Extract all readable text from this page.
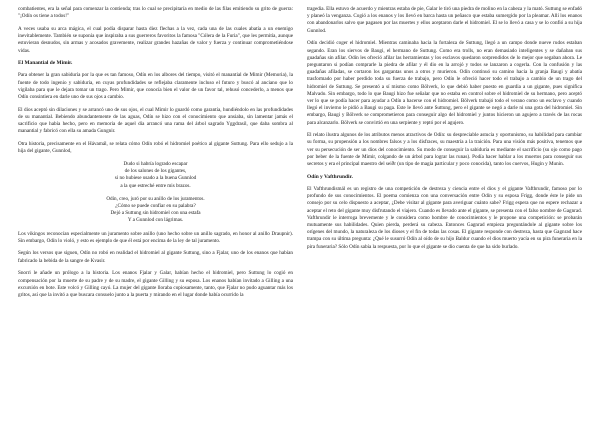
combatientes, era la señal para comenzar la contienda; tras lo cual se precipitaría en medio de las filas emitiendo su grito de guerra: "¡Odín os tiene a todos!"

A veces usaba su arca mágica, el cual podía disparar hasta diez flechas a la vez, cada una de las cuales abatía a un enemigo inevitablemente. También se suponía que inspiraba a sus guerreros favoritos la famosa "Cólera de la Furia", que les permitía, aunque estuvieran desnudos, sin armas y acosados gravemente, realizar grandes hazañas de valor y fuerza y continuar comprometiéndose vidas.

El Manantial de Mimir.

Para obtener la gran sabiduría por la que es tan famoso, Odín en los albores del tiempo, visitó el manantial de Mimir (Memoria), la fuente de todo ingenio y sabiduría, en cuyas profundidades se reflejaba claramente incluso el futuro y buscó al anciano que lo vigilaba para que le dejara tomar un trago. Pero Mimir, que conocía bien el valor de un favor tal, rehusó concederlo, a menos que Odín consintiera en darle uno de sus ojos a cambio.

El dios aceptó sin dilaciones y se arrancó uno de sus ojos, el cual Mimir lo guardó como garantía, hundiéndolo en las profundidades de su manantial. Bebiendo abundantemente de las aguas, Odín se hizo con el conocimiento que ansiaba, sin lamentar jamás el sacrificio que había hecho, pero en memoria de aquel día arrancó una rama del árbol sagrado Yggdrasil, que daba sombra al manantial y fabricó con ella su amada Gungnir.

Otra historia, precisamente en el Hávamál, se relata cómo Odín robó el hidromiel poético al gigante Suttung. Para ello sedujo a la hija del gigante, Gunnlod,

Dudo si habría logrado escapar
de los salones de los gigantes,
si no hubiese usado a la buena Gunnlod
a la que estreché entre mis brazos.
Odín, creo, juró por su anillo de los juramentos.
¿Cómo se puede confiar en su palabra?
Dejó a Suttung sin hidromiel con una estafa
Y a Gunnlod con lágrimas.

Los vikingos reconocían especialmente un juramento sobre anillo (uno hecho sobre un anillo sagrado, en honor al anillo Draupnir). Sin embargo, Odín lo violó, y esto es ejemplo de que él está por encima de la ley de tal juramento.

Según los versos que siguen, Odín no robó en realidad el hidromiel al gigante Suttung, sino a Fjalar, uno de los enanos que habían fabricado la bebida de la sangre de Kvasir.

Snorri le añade un prólogo a la historia. Los enanos Fjalar y Galar, habían hecho el hidromiel, pero Suttung lo cogió en compensación por la muerte de su padre y de su madre, el gigante Gilling y su esposa. Los enanos habían invitado a Gilling a una excursión en bote. Este volcó y Gilling cayó. La mujer del gigante lloraba copiosamente, tanto, que Fjalar no pudo aguantar más los gritos, así que la invitó a que buscara consuelo junto a la puerta y mirando en el lugar donde había ocurrido la

tragedia. Ella estuvo de acuerdo y mientras estaba de pie, Galar le tiró una piedra de molino en la cabeza y la mató. Suttung se enfadó y planeó la venganza. Cogió a los enanos y los llevó en barca hasta un peñasco que estaba sumergido por la pleamar. Allí los enanos con abandonarlos salvo que pagasen por las muertes y ellos aceptaron darle el hidromiel. El se lo llevó a casa y se lo confió a su hija Gunnlod.

Odín decidió coger el hidromiel. Mientras caminaba hacia la fortaleza de Suttung, llegó a un campo donde nueve rudos estaban segando. Eran los siervos de Baugi, el hermano de Suttung. Como era trolls, no eran demasiado inteligentes y se dañaban sus guadañas sin afilar. Odín les ofreció afilar las herramientas y los esclavos quedaron sorprendidos de lo mejor que segaban ahora. Le preguntaron si podían comprarle la piedra de afilar y él dio en la arrojó y todos se lanzaron a cogerla. Con la confusión y las guadañas afiladas, se cortaron los gargantas unos a otros y murieron. Odín continuó su camino hacia la granja Baugi y abatía trasformado por haber perdido toda su fuerza de trabajo, pero Odín le ofreció hacer todo el trabajo a cambio de un trago del hidromiel de Suttung. Se presentó a sí mismo como Bölverk, lo que debió haber puesto en guardia a un gigante, pues significa Malvado. Sin embargo, todo lo que Baugi hizo fue señalar que no estaba en control sobre el hidromiel de su hermano, pero aceptó ver lo que se podía hacer para ayudar a Odín a hacerse con el hidromiel. Bölverk trabajó todo el verano como un esclavo y cuando llegó el invierno le pidió a Baugi su paga. Este le llevó ante Suttung, pero el gigante se negó a darle ni una gota del hidromiel. Sin embargo, Baugi y Bölverk se comprometieron para conseguir algo del hidromiel y juntos hicieron un agujero a través de las rocas para alcanzarlo. Bölverk se convirtió en una serpiente y reptó por el agujero.

El relato ilustra algunos de los atributos menos atractivos de Odín: su despreciable astucia y oportunismo, su habilidad para cambiar su forma, su propensión a los nombres falsos y a los disfraces, su maestría a la traición. Para una visión más positiva, tenemos que ver su persecución de ser un dios del conocimiento. Su modo de conseguir la sabiduría es mediante el sacrificio (su ojo como pago por beber de la fuente de Mimir, colgando de un árbol para lograr las runas). Podía hacer hablar a los muertos para conseguir sus secretos y era el principal maestro del seiðr (un tipo de magia particular y poco conocida), tanto los cuervos, Hugin y Munin.

Odín y Vafthrundir.

El Vafthrundismál es un registro de una competición de destreza y ciencia entre el dios y el gigante Vafthrundir, famoso por lo profundo de sus conocimientos. El poema comienza con una conversación entre Odín y su esposa Frigg, donde éste le pide un consejo por su celo dispuesto a aceptar, ¿Debe visitar al gigante para averiguar cuánto sabe? Frigg espera que no espere rechazar a aceptar el reto del gigante muy disfrutando el viajero. Cuando es llevado ante el gigante, se presenta con el falso nombre de Gagnrad. Vafthrundir le interroga brevemente y le considera como hombre de conocimientos y le propone una competición: se probarán mutuamente sus habilidades. Quien pierda, perderá su cabeza. Entonces Gagnrad empieza preguntándole al gigante sobre los orígenes del mundo, la naturaleza de los dioses y el fin de todas las cosas. El gigante responde con destreza, hasta que Gagnrad hace trampa con su última pregunta: ¿Qué le susurró Odín al oído de su hijo Baldur cuando el dios muerto yacía en su pira funeraria en la pira funeraria? Sólo Odín sabía la respuesta, por lo que el gigante se dio cuenta de que ha sido burlado.
